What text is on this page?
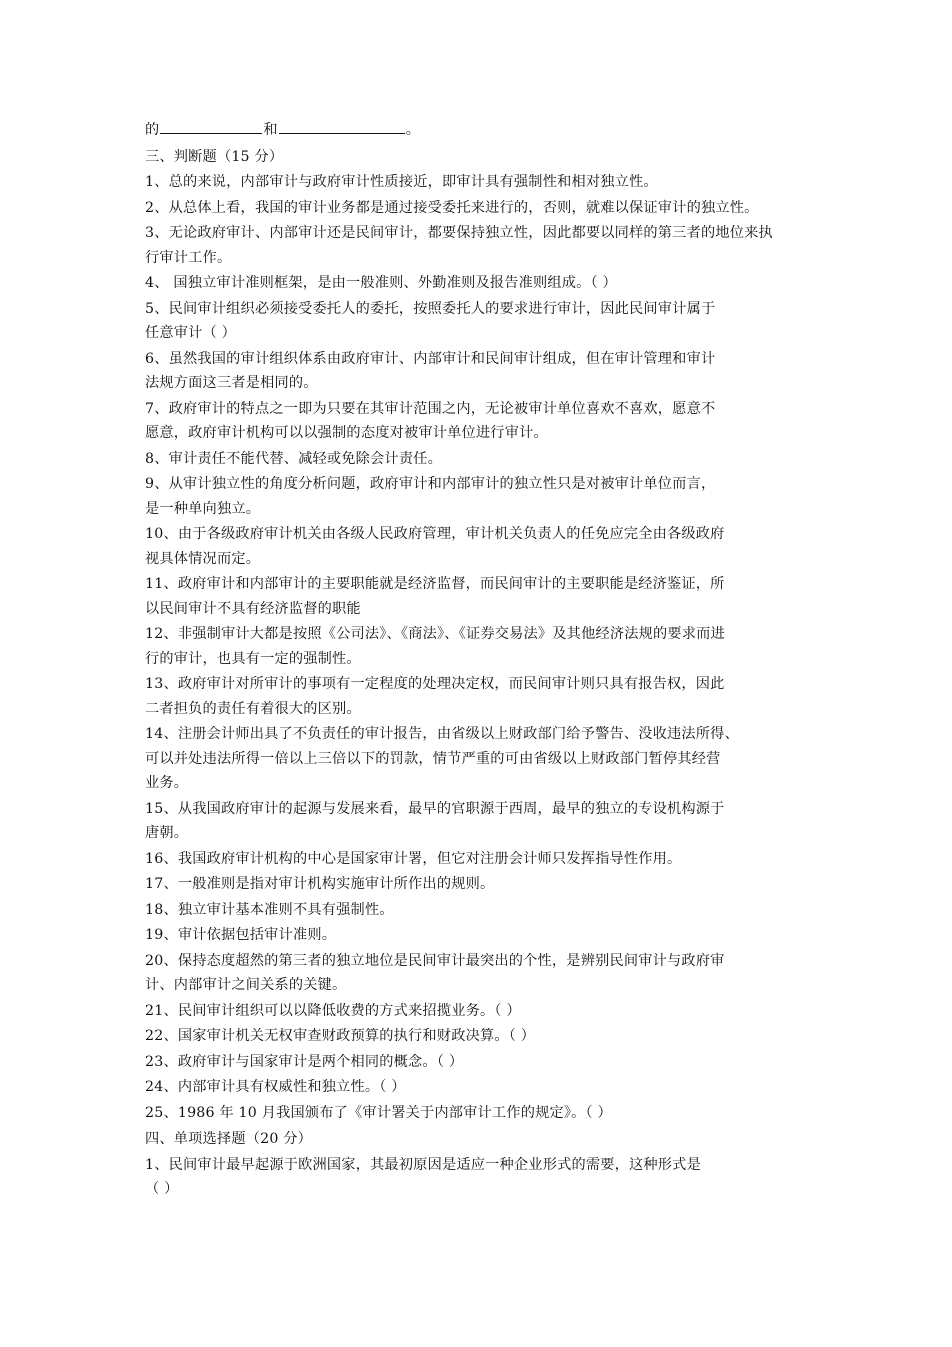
的	和	。
三、判断题（15 分）
1、总的来说，内部审计与政府审计性质接近，即审计具有强制性和相对独立性。
2、从总体上看，我国的审计业务都是通过接受委托来进行的，否则，就难以保证审计的独立性。
3、无论政府审计、内部审计还是民间审计，都要保持独立性，因此都要以同样的第三者的地位来执
行审计工作。
4、 国独立审计准则框架，是由一般准则、外勤准则及报告准则组成。（ ）
5、民间审计组织必须接受委托人的委托，按照委托人的要求进行审计，因此民间审计属于
任意审计（ ）
6、虽然我国的审计组织体系由政府审计、内部审计和民间审计组成，但在审计管理和审计
法规方面这三者是相同的。
7、政府审计的特点之一即为只要在其审计范围之内，无论被审计单位喜欢不喜欢，愿意不
愿意，政府审计机构可以以强制的态度对被审计单位进行审计。
8、审计责任不能代替、减轻或免除会计责任。
9、从审计独立性的角度分析问题，政府审计和内部审计的独立性只是对被审计单位而言，
是一种单向独立。
10、由于各级政府审计机关由各级人民政府管理，审计机关负责人的任免应完全由各级政府
视具体情况而定。
11、政府审计和内部审计的主要职能就是经济监督，而民间审计的主要职能是经济鉴证，所
以民间审计不具有经济监督的职能
12、非强制审计大都是按照《公司法》、《商法》、《证券交易法》及其他经济法规的要求而进
行的审计，也具有一定的强制性。
13、政府审计对所审计的事项有一定程度的处理决定权，而民间审计则只具有报告权，因此
二者担负的责任有着很大的区别。
14、注册会计师出具了不负责任的审计报告，由省级以上财政部门给予警告、没收违法所得、
可以并处违法所得一倍以上三倍以下的罚款，情节严重的可由省级以上财政部门暂停其经营
业务。
15、从我国政府审计的起源与发展来看，最早的官职源于西周，最早的独立的专设机构源于
唐朝。
16、我国政府审计机构的中心是国家审计署，但它对注册会计师只发挥指导性作用。
17、一般准则是指对审计机构实施审计所作出的规则。
18、独立审计基本准则不具有强制性。
19、审计依据包括审计准则。
20、保持态度超然的第三者的独立地位是民间审计最突出的个性，是辨别民间审计与政府审
计、内部审计之间关系的关键。
21、民间审计组织可以以降低收费的方式来招揽业务。（ ）
22、国家审计机关无权审查财政预算的执行和财政决算。（ ）
23、政府审计与国家审计是两个相同的概念。（ ）
24、内部审计具有权威性和独立性。（ ）
25、1986 年 10 月我国颁布了《审计署关于内部审计工作的规定》。（ ）
四、单项选择题（20 分）
1、民间审计最早起源于欧洲国家，其最初原因是适应一种企业形式的需要，这种形式是
（ ）
